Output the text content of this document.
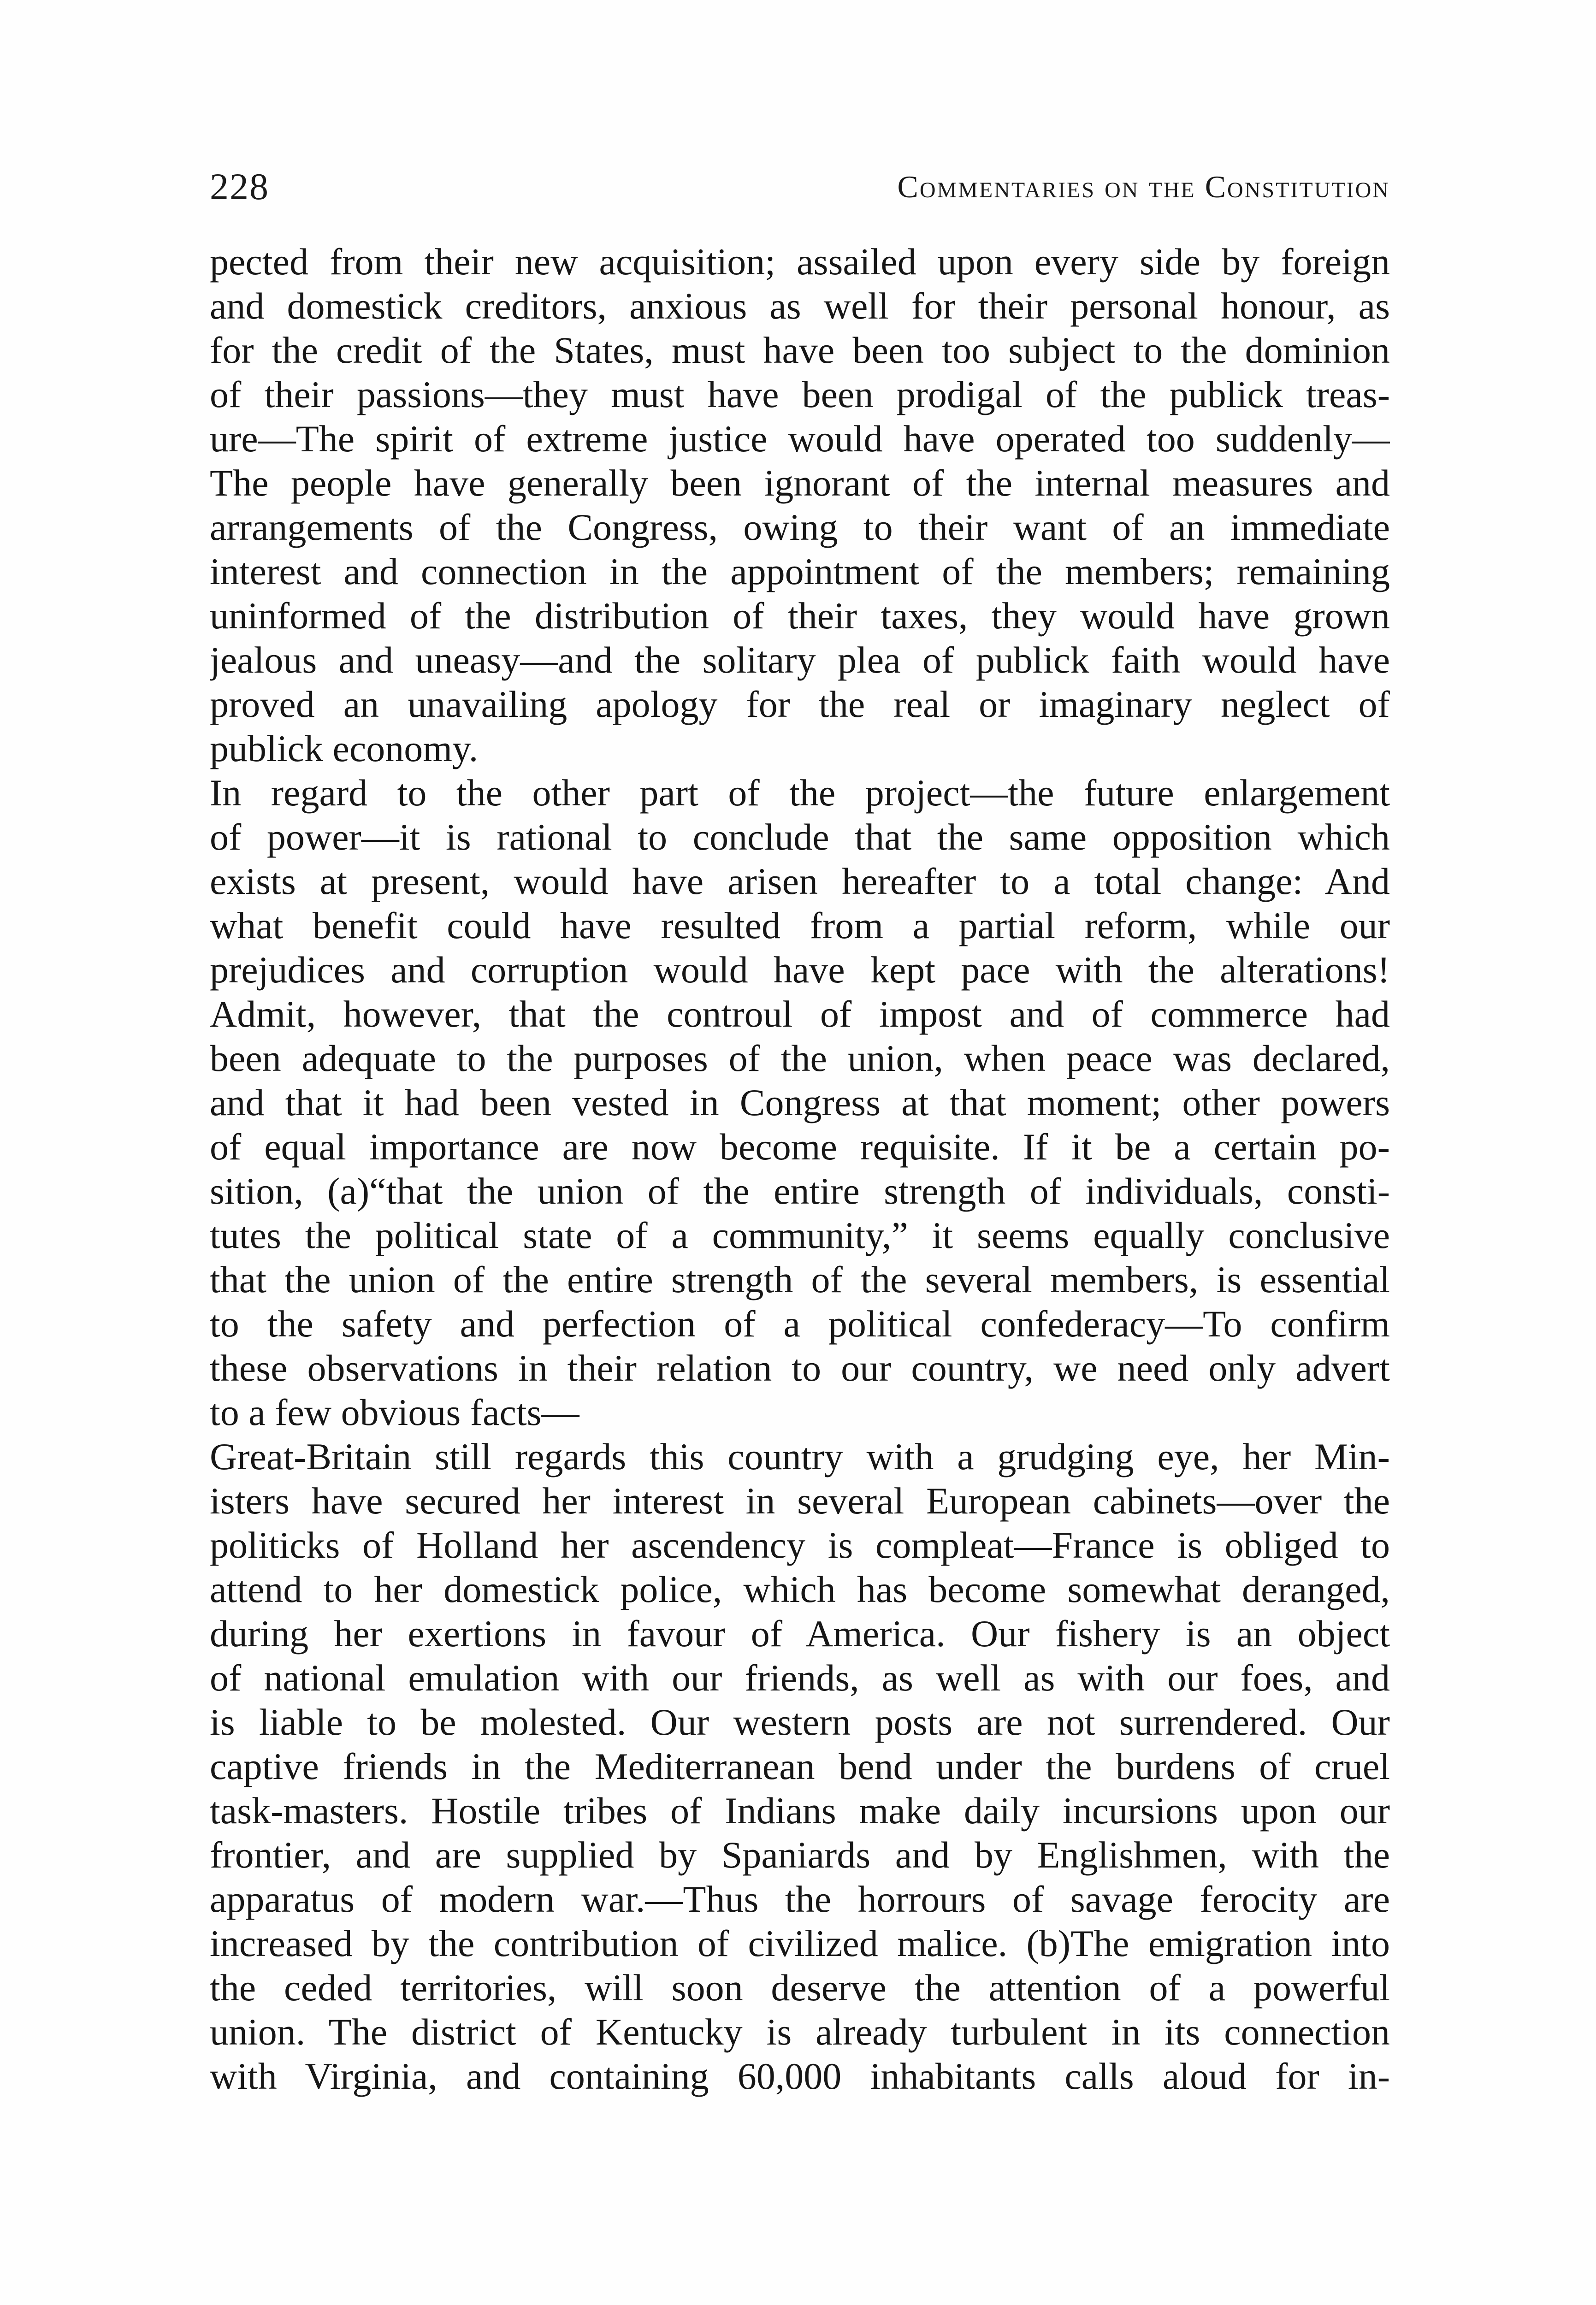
228	Commentaries on the Constitution
pected from their new acquisition; assailed upon every side by foreign
and domestick creditors, anxious as well for their personal honour, as
for the credit of the States, must have been too subject to the dominion
of their passions—they must have been prodigal of the publick treas-
ure—The spirit of extreme justice would have operated too suddenly—
The people have generally been ignorant of the internal measures and
arrangements of the Congress, owing to their want of an immediate
interest and connection in the appointment of the members; remaining
uninformed of the distribution of their taxes, they would have grown
jealous and uneasy—and the solitary plea of publick faith would have
proved an unavailing apology for the real or imaginary neglect of
publick economy.
In regard to the other part of the project—the future enlargement
of power—it is rational to conclude that the same opposition which
exists at present, would have arisen hereafter to a total change: And
what benefit could have resulted from a partial reform, while our
prejudices and corruption would have kept pace with the alterations!
Admit, however, that the controul of impost and of commerce had
been adequate to the purposes of the union, when peace was declared,
and that it had been vested in Congress at that moment; other powers
of equal importance are now become requisite. If it be a certain po-
sition, (a)“that the union of the entire strength of individuals, consti-
tutes the political state of a community,” it seems equally conclusive
that the union of the entire strength of the several members, is essential
to the safety and perfection of a political confederacy—To confirm
these observations in their relation to our country, we need only advert
to a few obvious facts—
Great-Britain still regards this country with a grudging eye, her Min-
isters have secured her interest in several European cabinets—over the
politicks of Holland her ascendency is compleat—France is obliged to
attend to her domestick police, which has become somewhat deranged,
during her exertions in favour of America. Our fishery is an object
of national emulation with our friends, as well as with our foes, and
is liable to be molested. Our western posts are not surrendered. Our
captive friends in the Mediterranean bend under the burdens of cruel
task-masters. Hostile tribes of Indians make daily incursions upon our
frontier, and are supplied by Spaniards and by Englishmen, with the
apparatus of modern war.—Thus the horrours of savage ferocity are
increased by the contribution of civilized malice. (b)The emigration into
the ceded territories, will soon deserve the attention of a powerful
union. The district of Kentucky is already turbulent in its connection
with Virginia, and containing 60,000 inhabitants calls aloud for in-
